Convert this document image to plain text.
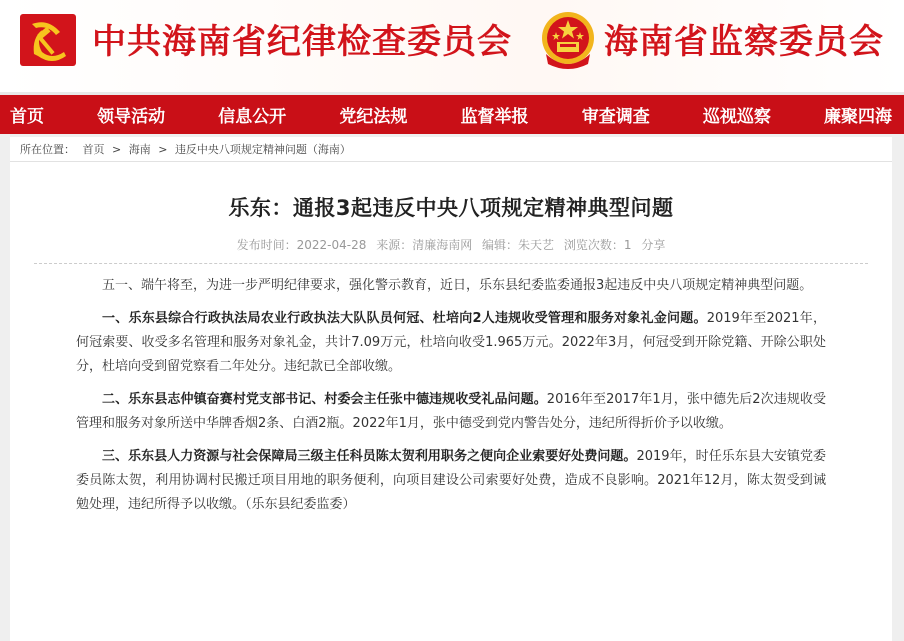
中共海南省纪律检查委员会	海南省监察委员会
首页	领导活动	信息公开	党纪法规	监督举报	审查调查	巡视巡察	廉聚四海
所在位置： 首页 > 海南 > 违反中央八项规定精神问题（海南）
乐东：通报3起违反中央八项规定精神典型问题
发布时间：2022-04-28 来源：清廉海南网 编辑：朱天艺 浏览次数：1 分享

五一、端午将至，为进一步严明纪律要求，强化警示教育，近日，乐东县纪委监委通报3起违反中央八项规定精神典型问题。

一、乐东县综合行政执法局农业行政执法大队队员何冠、杜培向2人违规收受管理和服务对象礼金问题。2019年至2021年，何冠索要、收受多名管理和服务对象礼金，共计7.09万元，杜培向收受1.965万元。2022年3月，何冠受到开除党籍、开除公职处分，杜培向受到留党察看二年处分。违纪款已全部收缴。

二、乐东县志仲镇奋赛村党支部书记、村委会主任张中德违规收受礼品问题。2016年至2017年1月，张中德先后2次违规收受管理和服务对象所送中华牌香烟2条、白酒2瓶。2022年1月，张中德受到党内警告处分，违纪所得折价予以收缴。

三、乐东县人力资源与社会保障局三级主任科员陈太贺利用职务之便向企业索要好处费问题。2019年，时任乐东县大安镇党委委员陈太贺，利用协调村民搬迁项目用地的职务便利，向项目建设公司索要好处费，造成不良影响。2021年12月，陈太贺受到诫勉处理，违纪所得予以收缴。（乐东县纪委监委）
